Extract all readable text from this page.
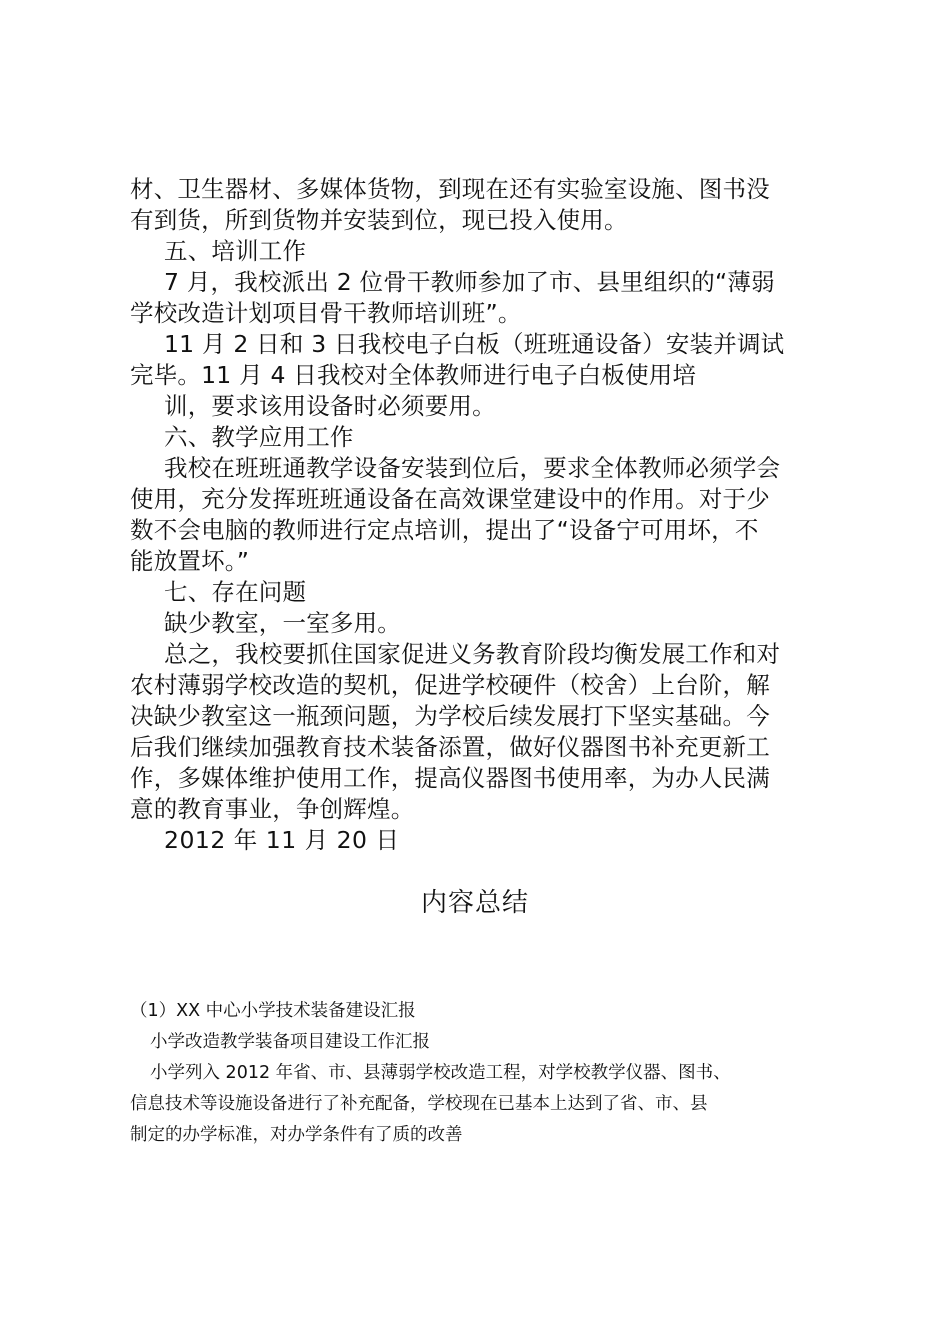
材、卫生器材、多媒体货物，到现在还有实验室设施、图书没

有到货，所到货物并安装到位，现已投入使用。

五、培训工作

7 月，我校派出 2 位骨干教师参加了市、县里组织的“薄弱

学校改造计划项目骨干教师培训班”。

11 月 2 日和 3 日我校电子白板（班班通设备）安装并调试

完毕。11 月 4 日我校对全体教师进行电子白板使用培

训，要求该用设备时必须要用。

六、教学应用工作

我校在班班通教学设备安装到位后，要求全体教师必须学会

使用，充分发挥班班通设备在高效课堂建设中的作用。对于少

数不会电脑的教师进行定点培训，提出了“设备宁可用坏，不

能放置坏。”

七、存在问题

缺少教室，一室多用。

总之，我校要抓住国家促进义务教育阶段均衡发展工作和对

农村薄弱学校改造的契机，促进学校硬件（校舍）上台阶，解

决缺少教室这一瓶颈问题，为学校后续发展打下坚实基础。今

后我们继续加强教育技术装备添置，做好仪器图书补充更新工

作，多媒体维护使用工作，提高仪器图书使用率，为办人民满

意的教育事业，争创辉煌。

2012 年 11 月 20 日

内容总结

（1）XX 中心小学技术装备建设汇报

小学改造教学装备项目建设工作汇报

小学列入 2012 年省、市、县薄弱学校改造工程，对学校教学仪器、图书、

信息技术等设施设备进行了补充配备，学校现在已基本上达到了省、市、县

制定的办学标准，对办学条件有了质的改善
